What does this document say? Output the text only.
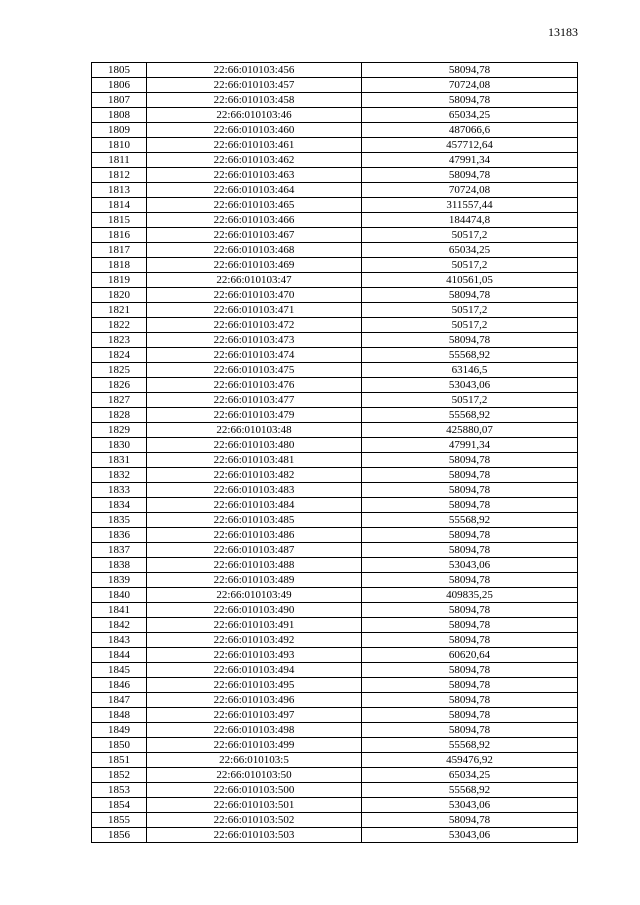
13183
1805	22:66:010103:456	58094,78
1806	22:66:010103:457	70724,08
1807	22:66:010103:458	58094,78
1808	22:66:010103:46	65034,25
1809	22:66:010103:460	487066,6
1810	22:66:010103:461	457712,64
1811	22:66:010103:462	47991,34
1812	22:66:010103:463	58094,78
1813	22:66:010103:464	70724,08
1814	22:66:010103:465	311557,44
1815	22:66:010103:466	184474,8
1816	22:66:010103:467	50517,2
1817	22:66:010103:468	65034,25
1818	22:66:010103:469	50517,2
1819	22:66:010103:47	410561,05
1820	22:66:010103:470	58094,78
1821	22:66:010103:471	50517,2
1822	22:66:010103:472	50517,2
1823	22:66:010103:473	58094,78
1824	22:66:010103:474	55568,92
1825	22:66:010103:475	63146,5
1826	22:66:010103:476	53043,06
1827	22:66:010103:477	50517,2
1828	22:66:010103:479	55568,92
1829	22:66:010103:48	425880,07
1830	22:66:010103:480	47991,34
1831	22:66:010103:481	58094,78
1832	22:66:010103:482	58094,78
1833	22:66:010103:483	58094,78
1834	22:66:010103:484	58094,78
1835	22:66:010103:485	55568,92
1836	22:66:010103:486	58094,78
1837	22:66:010103:487	58094,78
1838	22:66:010103:488	53043,06
1839	22:66:010103:489	58094,78
1840	22:66:010103:49	409835,25
1841	22:66:010103:490	58094,78
1842	22:66:010103:491	58094,78
1843	22:66:010103:492	58094,78
1844	22:66:010103:493	60620,64
1845	22:66:010103:494	58094,78
1846	22:66:010103:495	58094,78
1847	22:66:010103:496	58094,78
1848	22:66:010103:497	58094,78
1849	22:66:010103:498	58094,78
1850	22:66:010103:499	55568,92
1851	22:66:010103:5	459476,92
1852	22:66:010103:50	65034,25
1853	22:66:010103:500	55568,92
1854	22:66:010103:501	53043,06
1855	22:66:010103:502	58094,78
1856	22:66:010103:503	53043,06
